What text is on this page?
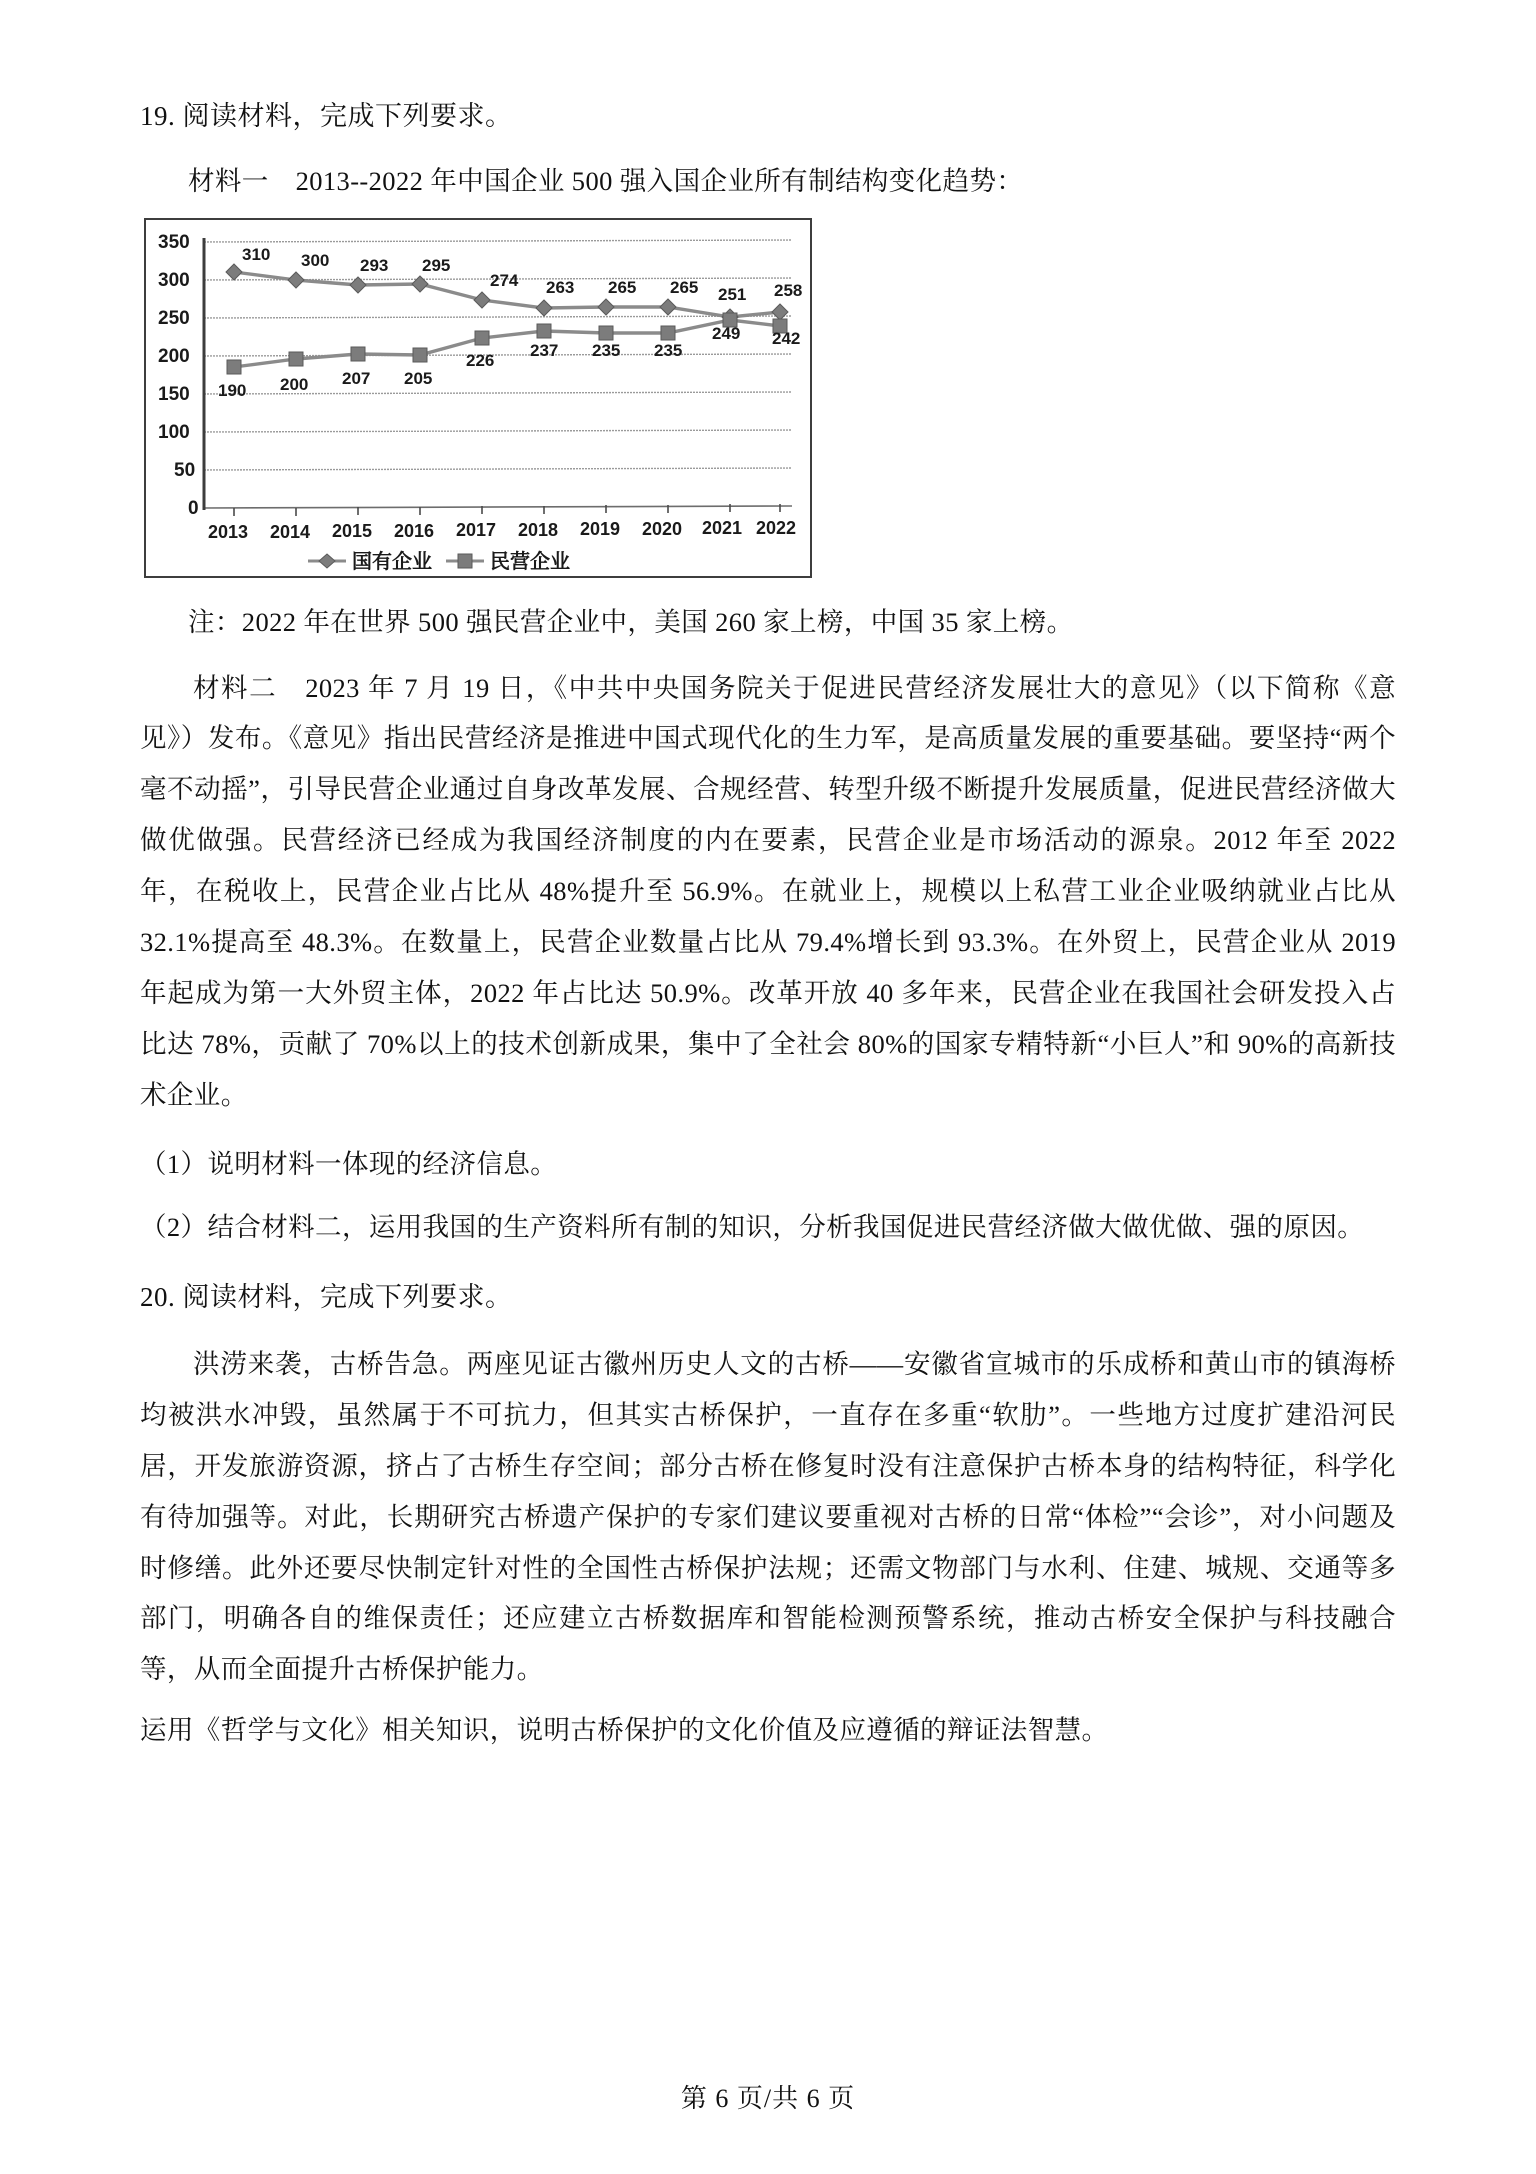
19. 阅读材料，完成下列要求。
材料一　2013--2022 年中国企业 500 强入国企业所有制结构变化趋势：
350
300
250
200
150
100
50
0
310 300 293 295
274 263 265 265 251 258
190 200 207 205
226
237 235 235
249 242
2013 2014 2015 2016 2017 2018 2019 2020 2021 2022
国有企业	民营企业
注：2022 年在世界 500 强民营企业中，美国 260 家上榜，中国 35 家上榜。
材料二　2023 年 7 月 19 日，《中共中央国务院关于促进民营经济发展壮大的意见》（以下简称《意见》）发布。《意见》指出民营经济是推进中国式现代化的生力军，是高质量发展的重要基础。要坚持“两个毫不动摇”，引导民营企业通过自身改革发展、合规经营、转型升级不断提升发展质量，促进民营经济做大做优做强。民营经济已经成为我国经济制度的内在要素，民营企业是市场活动的源泉。2012 年至 2022 年，在税收上，民营企业占比从 48%提升至 56.9%。在就业上，规模以上私营工业企业吸纳就业占比从 32.1%提高至 48.3%。在数量上，民营企业数量占比从 79.4%增长到 93.3%。在外贸上，民营企业从 2019 年起成为第一大外贸主体，2022 年占比达 50.9%。改革开放 40 多年来，民营企业在我国社会研发投入占比达 78%，贡献了 70%以上的技术创新成果，集中了全社会 80%的国家专精特新“小巨人”和 90%的高新技术企业。
（1）说明材料一体现的经济信息。
（2）结合材料二，运用我国的生产资料所有制的知识，分析我国促进民营经济做大做优做、强的原因。
20. 阅读材料，完成下列要求。
洪涝来袭，古桥告急。两座见证古徽州历史人文的古桥——安徽省宣城市的乐成桥和黄山市的镇海桥均被洪水冲毁，虽然属于不可抗力，但其实古桥保护，一直存在多重“软肋”。一些地方过度扩建沿河民居，开发旅游资源，挤占了古桥生存空间；部分古桥在修复时没有注意保护古桥本身的结构特征，科学化有待加强等。对此，长期研究古桥遗产保护的专家们建议要重视对古桥的日常“体检”“会诊”，对小问题及时修缮。此外还要尽快制定针对性的全国性古桥保护法规；还需文物部门与水利、住建、城规、交通等多部门，明确各自的维保责任；还应建立古桥数据库和智能检测预警系统，推动古桥安全保护与科技融合等，从而全面提升古桥保护能力。
运用《哲学与文化》相关知识，说明古桥保护的文化价值及应遵循的辩证法智慧。
第 6 页/共 6 页
